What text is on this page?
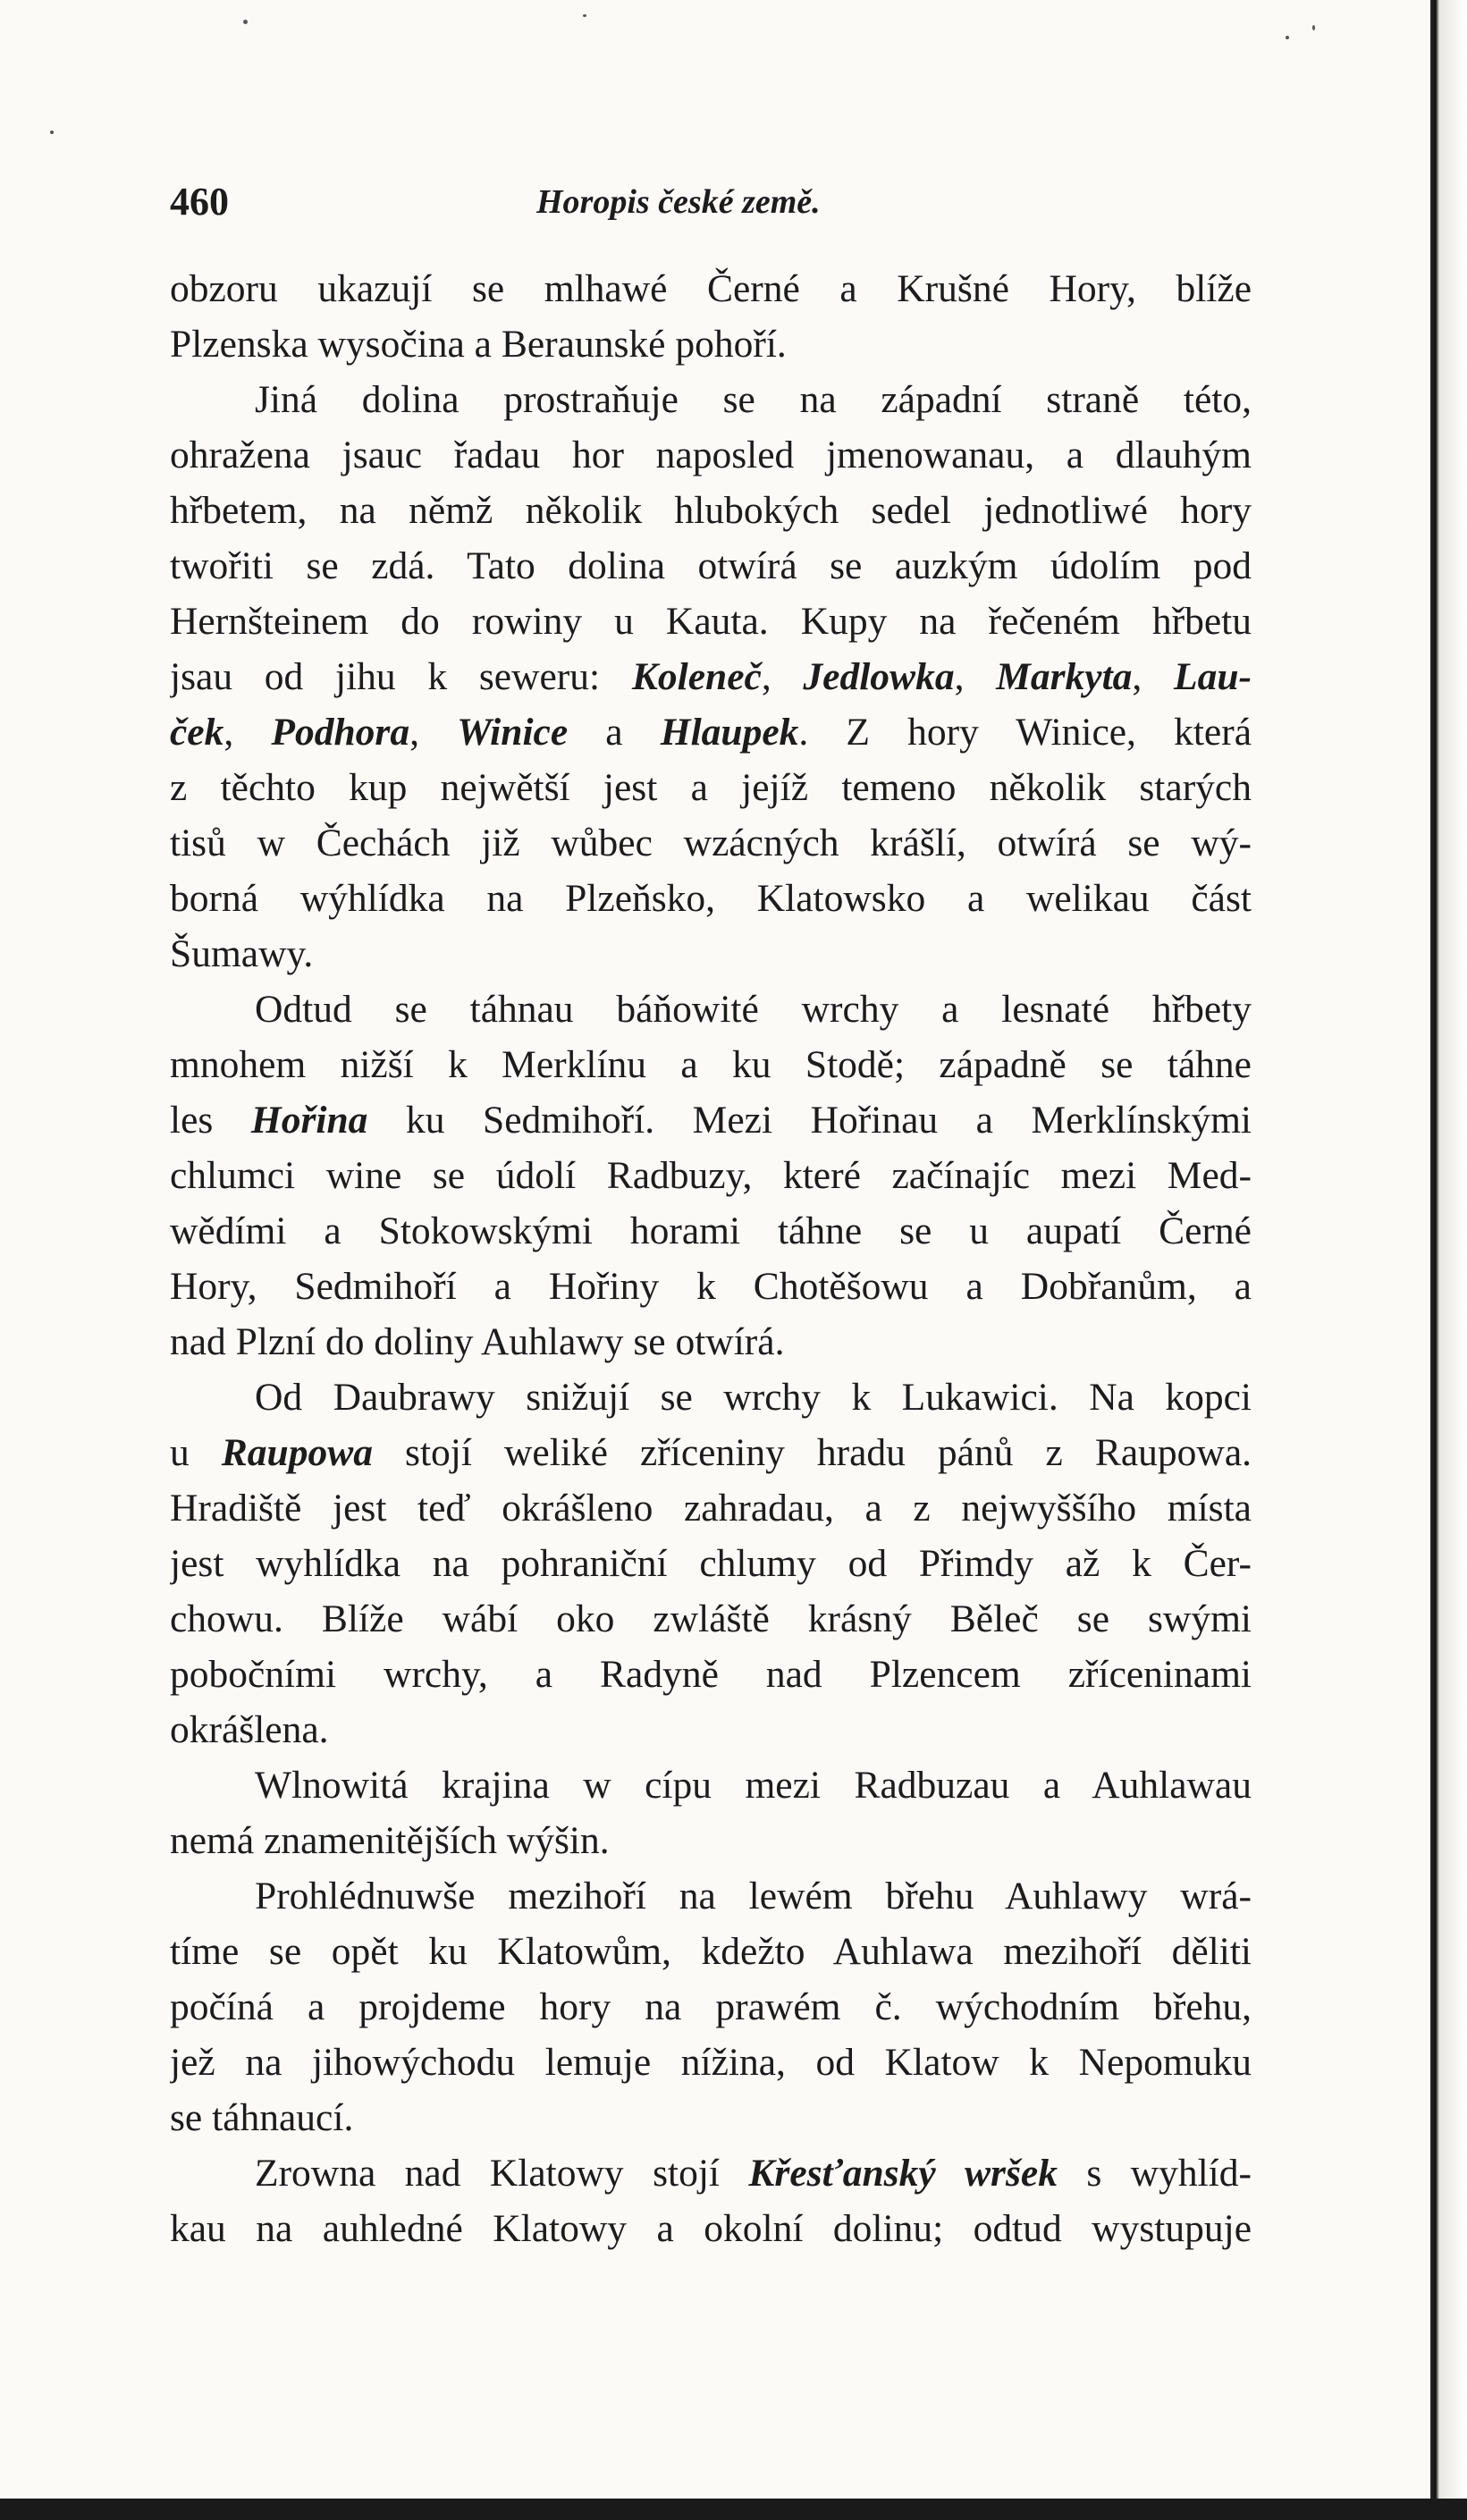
460	Horopis české země.
obzoru ukazují se mlhawé Černé a Krušné Hory, blíže
Plzenska wysočina a Beraunské pohoří.
Jiná dolina prostraňuje se na západní straně této,
ohražena jsauc řadau hor naposled jmenowanau, a dlauhým
hřbetem, na němž několik hlubokých sedel jednotliwé hory
twořiti se zdá. Tato dolina otwírá se auzkým údolím pod
Hernšteinem do rowiny u Kauta. Kupy na řečeném hřbetu
jsau od jihu k seweru: Koleneč, Jedlowka, Markyta, Lau-
ček, Podhora, Winice a Hlaupek. Z hory Winice, která
z těchto kup nejwětší jest a jejíž temeno několik starých
tisů w Čechách již wůbec wzácných krášlí, otwírá se wý-
borná wýhlídka na Plzeňsko, Klatowsko a welikau část
Šumawy.
Odtud se táhnau báňowité wrchy a lesnaté hřbety
mnohem nižší k Merklínu a ku Stodě; západně se táhne
les Hořina ku Sedmihoří. Mezi Hořinau a Merklínskými
chlumci wine se údolí Radbuzy, které začínajíc mezi Med-
wědími a Stokowskými horami táhne se u aupatí Černé
Hory, Sedmihoří a Hořiny k Chotěšowu a Dobřanům, a
nad Plzní do doliny Auhlawy se otwírá.
Od Daubrawy snižují se wrchy k Lukawici. Na kopci
u Raupowa stojí weliké zříceniny hradu pánů z Raupowa.
Hradiště jest teď okrášleno zahradau, a z nejwyššího místa
jest wyhlídka na pohraniční chlumy od Přimdy až k Čer-
chowu. Blíže wábí oko zwláště krásný Běleč se swými
pobočními wrchy, a Radyně nad Plzencem zříceninami
okrášlena.
Wlnowitá krajina w cípu mezi Radbuzau a Auhlawau
nemá znamenitějších wýšin.
Prohlédnuwše mezihoří na lewém břehu Auhlawy wrá-
tíme se opět ku Klatowům, kdežto Auhlawa mezihoří děliti
počíná a projdeme hory na prawém č. wýchodním břehu,
jež na jihowýchodu lemuje nížina, od Klatow k Nepomuku
se táhnaucí.
Zrowna nad Klatowy stojí Křesťanský wršek s wyhlíd-
kau na auhledné Klatowy a okolní dolinu; odtud wystupuje
